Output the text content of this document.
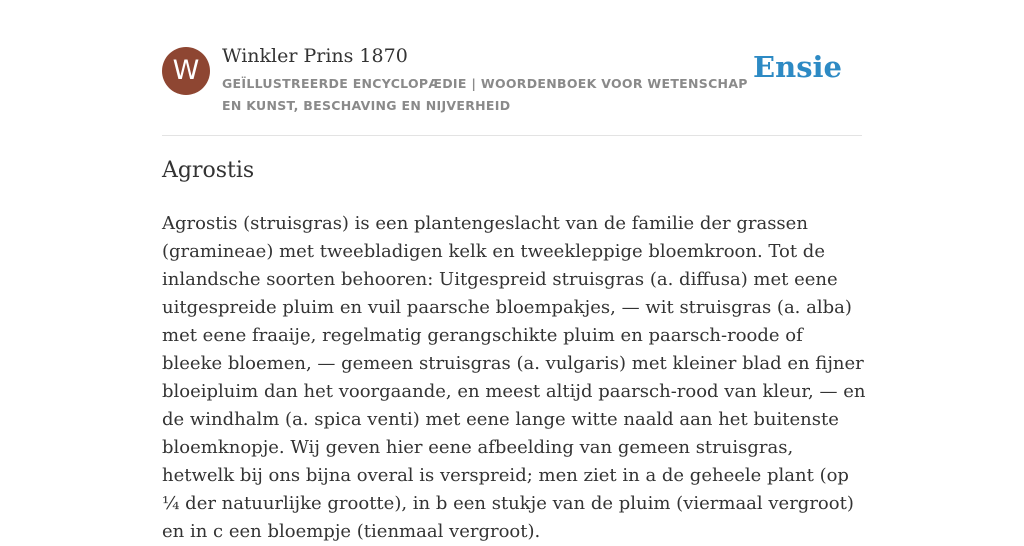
W	Winkler Prins 1870
GEÏLLUSTREERDE ENCYCLOPÆDIE | WOORDENBOEK VOOR WETENSCHAP EN KUNST, BESCHAVING EN NIJVERHEID
Ensie
Agrostis

Agrostis (struisgras) is een plantengeslacht van de familie der grassen (gramineae) met tweebladigen kelk en tweekleppige bloemkroon. Tot de inlandsche soorten behooren: Uitgespreid struisgras (a. diffusa) met eene uitgespreide pluim en vuil paarsche bloempakjes, — wit struisgras (a. alba) met eene fraaije, regelmatig gerangschikte pluim en paarsch-roode of bleeke bloemen, — gemeen struisgras (a. vulgaris) met kleiner blad en fijner bloeipluim dan het voorgaande, en meest altijd paarsch-rood van kleur, — en de windhalm (a. spica venti) met eene lange witte naald aan het buitenste bloemknopje. Wij geven hier eene afbeelding van gemeen struisgras, hetwelk bij ons bijna overal is verspreid; men ziet in a de geheele plant (op ¼ der natuurlijke grootte), in b een stukje van de pluim (viermaal vergroot) en in c een bloempje (tienmaal vergroot).
